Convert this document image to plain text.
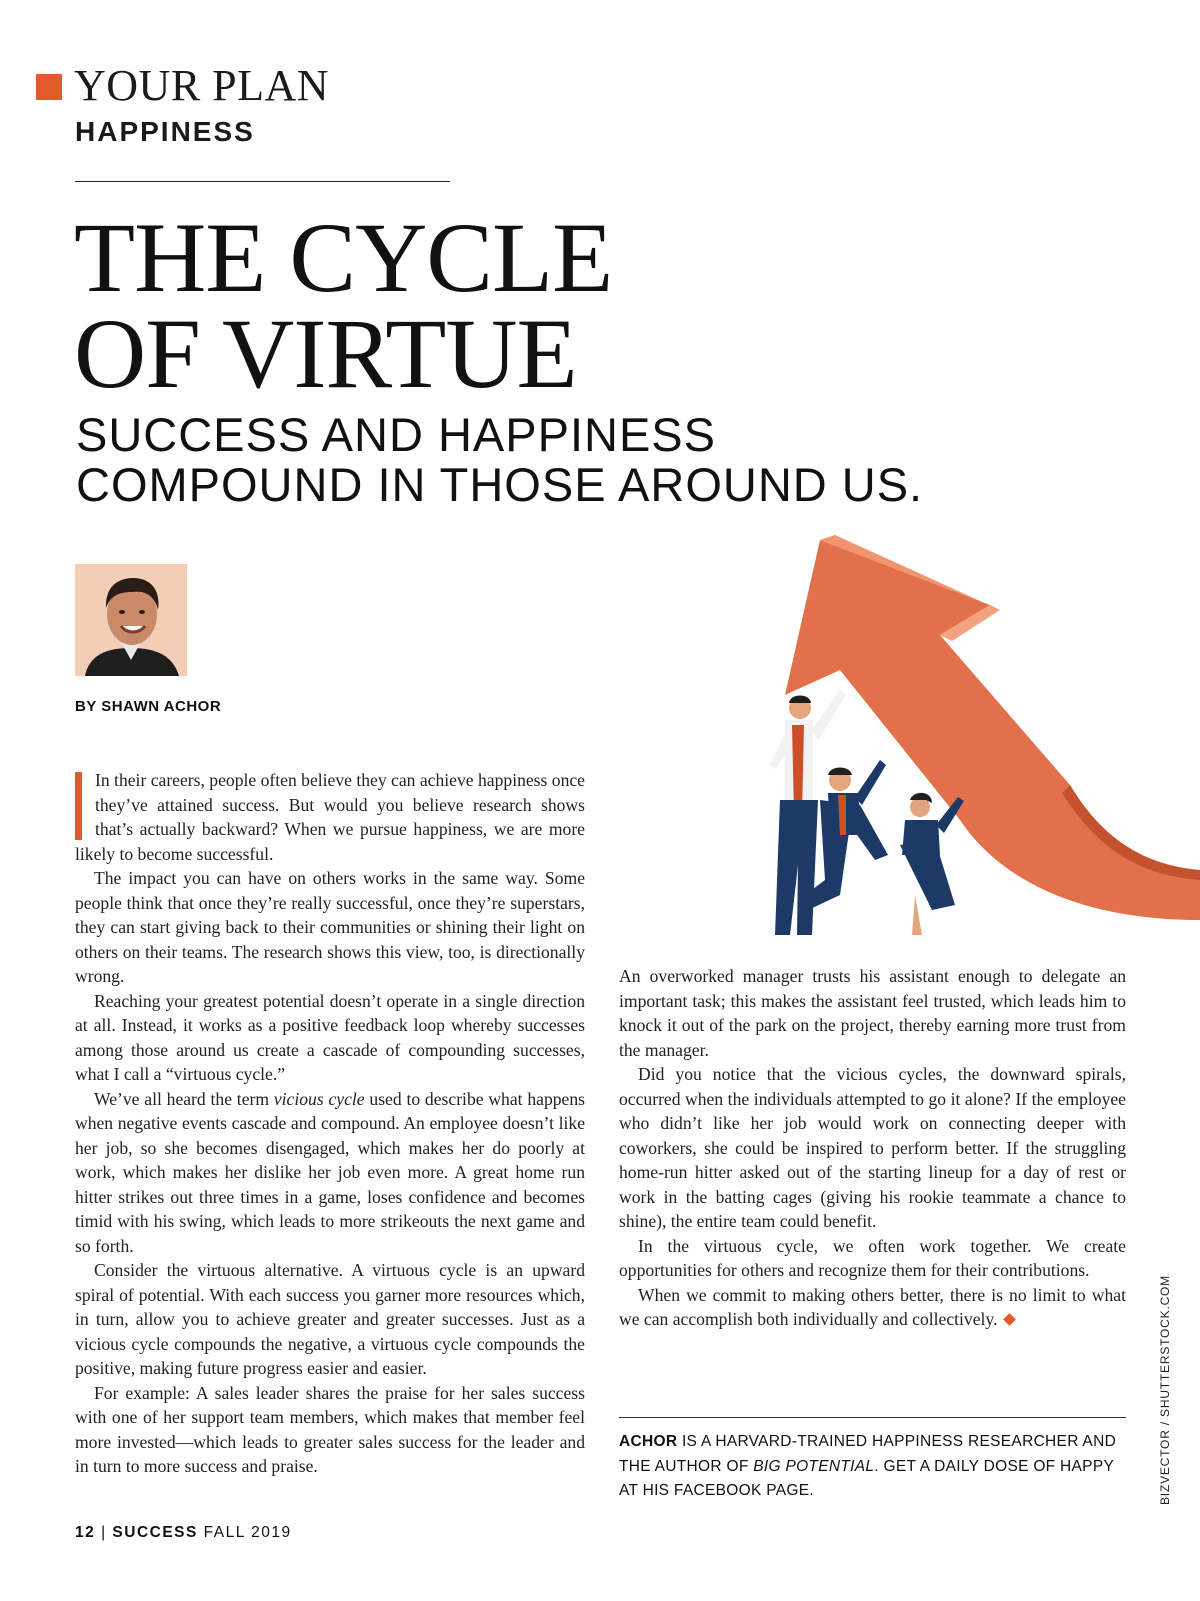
YOUR PLAN
HAPPINESS
THE CYCLE
OF VIRTUE
SUCCESS AND HAPPINESS
COMPOUND IN THOSE AROUND US.
BY SHAWN ACHOR

In their careers, people often believe they can achieve happiness once they’ve attained success. But would you believe research shows that’s actually backward? When we pursue happiness, we are more likely to become successful.

The impact you can have on others works in the same way. Some people think that once they’re really successful, once they’re superstars, they can start giving back to their communities or shining their light on others on their teams. The research shows this view, too, is directionally wrong.

Reaching your greatest potential doesn’t operate in a single direction at all. Instead, it works as a positive feedback loop whereby successes among those around us create a cascade of compounding successes, what I call a “virtuous cycle.”

We’ve all heard the term vicious cycle used to describe what happens when negative events cascade and compound. An employee doesn’t like her job, so she becomes disengaged, which makes her do poorly at work, which makes her dislike her job even more. A great home run hitter strikes out three times in a game, loses confidence and becomes timid with his swing, which leads to more strikeouts the next game and so forth.

Consider the virtuous alternative. A virtuous cycle is an upward spiral of potential. With each success you garner more resources which, in turn, allow you to achieve greater and greater successes. Just as a vicious cycle compounds the negative, a virtuous cycle compounds the positive, making future progress easier and easier.

For example: A sales leader shares the praise for her sales success with one of her support team members, which makes that member feel more invested—which leads to greater sales success for the leader and in turn to more success and praise.

An overworked manager trusts his assistant enough to delegate an important task; this makes the assistant feel trusted, which leads him to knock it out of the park on the project, thereby earning more trust from the manager.

Did you notice that the vicious cycles, the downward spirals, occurred when the individuals attempted to go it alone? If the employee who didn’t like her job would work on connecting deeper with coworkers, she could be inspired to perform better. If the struggling home-run hitter asked out of the starting lineup for a day of rest or work in the batting cages (giving his rookie teammate a chance to shine), the entire team could benefit.

In the virtuous cycle, we often work together. We create opportunities for others and recognize them for their contributions.

When we commit to making others better, there is no limit to what we can accomplish both individually and collectively.

ACHOR IS A HARVARD-TRAINED HAPPINESS RESEARCHER AND THE AUTHOR OF BIG POTENTIAL. GET A DAILY DOSE OF HAPPY AT HIS FACEBOOK PAGE.	BIZVECTOR / SHUTTERSTOCK.COM
12 | SUCCESS FALL 2019
